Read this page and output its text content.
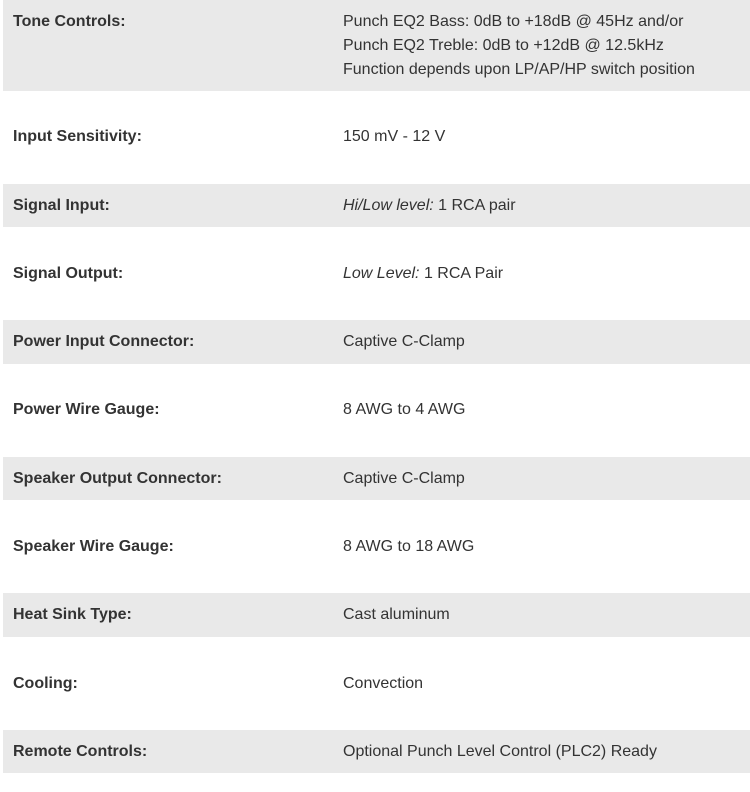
Tone Controls:	Punch EQ2 Bass: 0dB to +18dB @ 45Hz and/or
Punch EQ2 Treble: 0dB to +12dB @ 12.5kHz
Function depends upon LP/AP/HP switch position
Input Sensitivity:	150 mV - 12 V
Signal Input:	Hi/Low level: 1 RCA pair
Signal Output:	Low Level: 1 RCA Pair
Power Input Connector:	Captive C-Clamp
Power Wire Gauge:	8 AWG to 4 AWG
Speaker Output Connector:	Captive C-Clamp
Speaker Wire Gauge:	8 AWG to 18 AWG
Heat Sink Type:	Cast aluminum
Cooling:	Convection
Remote Controls:	Optional Punch Level Control (PLC2) Ready
